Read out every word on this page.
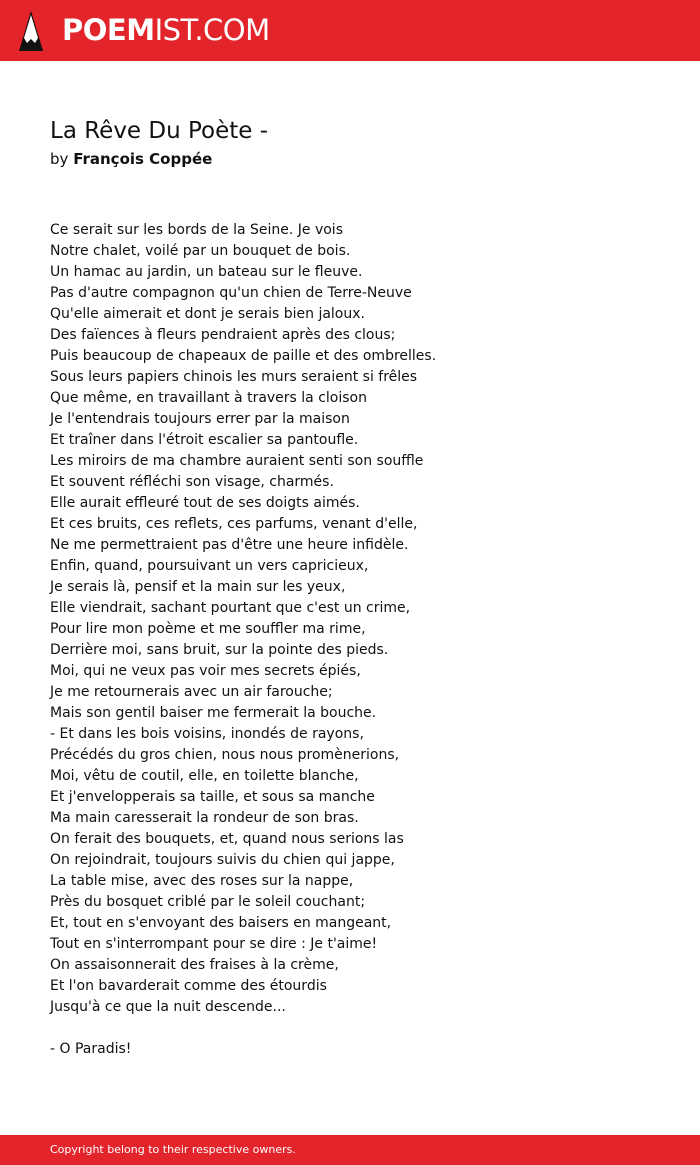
POEMIST.COM
La Rêve Du Poète -
by François Coppée
Ce serait sur les bords de la Seine. Je vois
Notre chalet, voilé par un bouquet de bois.
Un hamac au jardin, un bateau sur le fleuve.
Pas d'autre compagnon qu'un chien de Terre-Neuve
Qu'elle aimerait et dont je serais bien jaloux.
Des faïences à fleurs pendraient après des clous;
Puis beaucoup de chapeaux de paille et des ombrelles.
Sous leurs papiers chinois les murs seraient si frêles
Que même, en travaillant à travers la cloison
Je l'entendrais toujours errer par la maison
Et traîner dans l'étroit escalier sa pantoufle.
Les miroirs de ma chambre auraient senti son souffle
Et souvent réfléchi son visage, charmés.
Elle aurait effleuré tout de ses doigts aimés.
Et ces bruits, ces reflets, ces parfums, venant d'elle,
Ne me permettraient pas d'être une heure infidèle.
Enfin, quand, poursuivant un vers capricieux,
Je serais là, pensif et la main sur les yeux,
Elle viendrait, sachant pourtant que c'est un crime,
Pour lire mon poème et me souffler ma rime,
Derrière moi, sans bruit, sur la pointe des pieds.
Moi, qui ne veux pas voir mes secrets épiés,
Je me retournerais avec un air farouche;
Mais son gentil baiser me fermerait la bouche.
- Et dans les bois voisins, inondés de rayons,
Précédés du gros chien, nous nous promènerions,
Moi, vêtu de coutil, elle, en toilette blanche,
Et j'envelopperais sa taille, et sous sa manche
Ma main caresserait la rondeur de son bras.
On ferait des bouquets, et, quand nous serions las
On rejoindrait, toujours suivis du chien qui jappe,
La table mise, avec des roses sur la nappe,
Près du bosquet criblé par le soleil couchant;
Et, tout en s'envoyant des baisers en mangeant,
Tout en s'interrompant pour se dire : Je t'aime!
On assaisonnerait des fraises à la crème,
Et l'on bavarderait comme des étourdis
Jusqu'à ce que la nuit descende...
- O Paradis!
Copyright belong to their respective owners.
